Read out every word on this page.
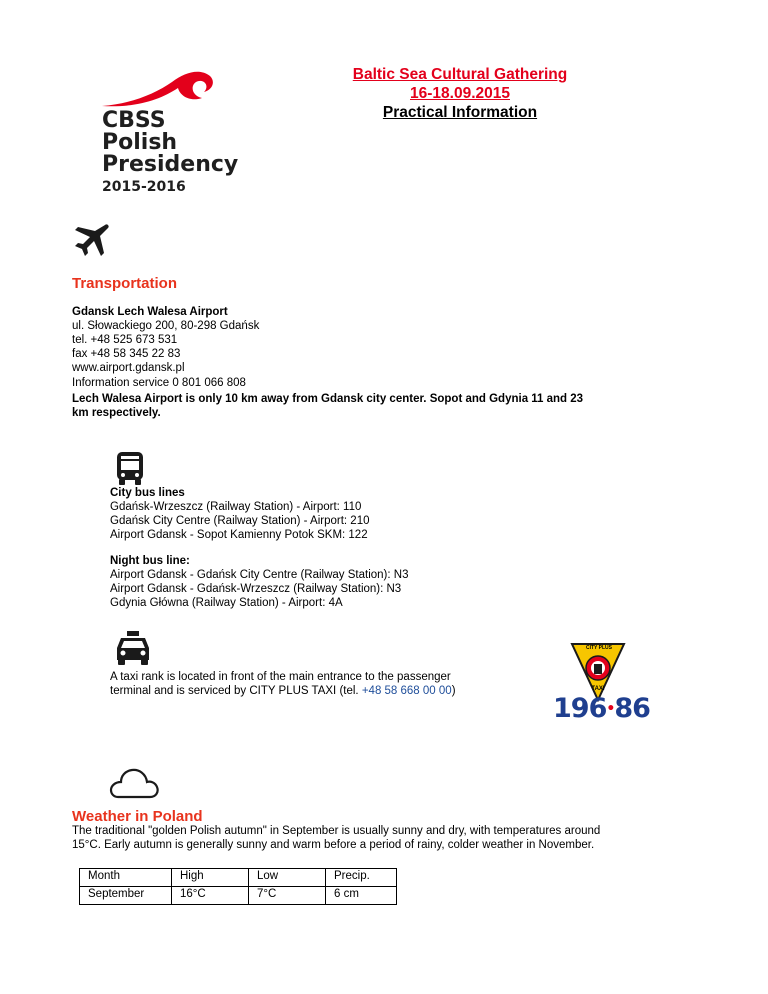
Baltic Sea Cultural Gathering
16-18.09.2015
Practical Information
CBSS
Polish
Presidency
2015-2016
Transportation
Gdansk Lech Walesa Airport
ul. Słowackiego 200, 80-298 Gdańsk
tel. +48 525 673 531
fax +48 58 345 22 83
www.airport.gdansk.pl
Information service 0 801 066 808
Lech Walesa Airport is only 10 km away from Gdansk city center. Sopot and Gdynia 11 and 23
km respectively.
City bus lines
Gdańsk-Wrzeszcz (Railway Station) - Airport: 110
Gdańsk City Centre (Railway Station) - Airport: 210
Airport Gdansk - Sopot Kamienny Potok SKM: 122
Night bus line:
Airport Gdansk - Gdańsk City Centre (Railway Station): N3
Airport Gdansk - Gdańsk-Wrzeszcz (Railway Station): N3
Gdynia Główna (Railway Station) - Airport: 4A
A taxi rank is located in front of the main entrance to the passenger
terminal and is serviced by CITY PLUS TAXI (tel. +48 58 668 00 00)
CITY PLUS
TAXI
196•86
Weather in Poland
The traditional "golden Polish autumn" in September is usually sunny and dry, with temperatures around
15°C. Early autumn is generally sunny and warm before a period of rainy, colder weather in November.
Month	High	Low	Precip.
September	16°C	7°C	6 cm
